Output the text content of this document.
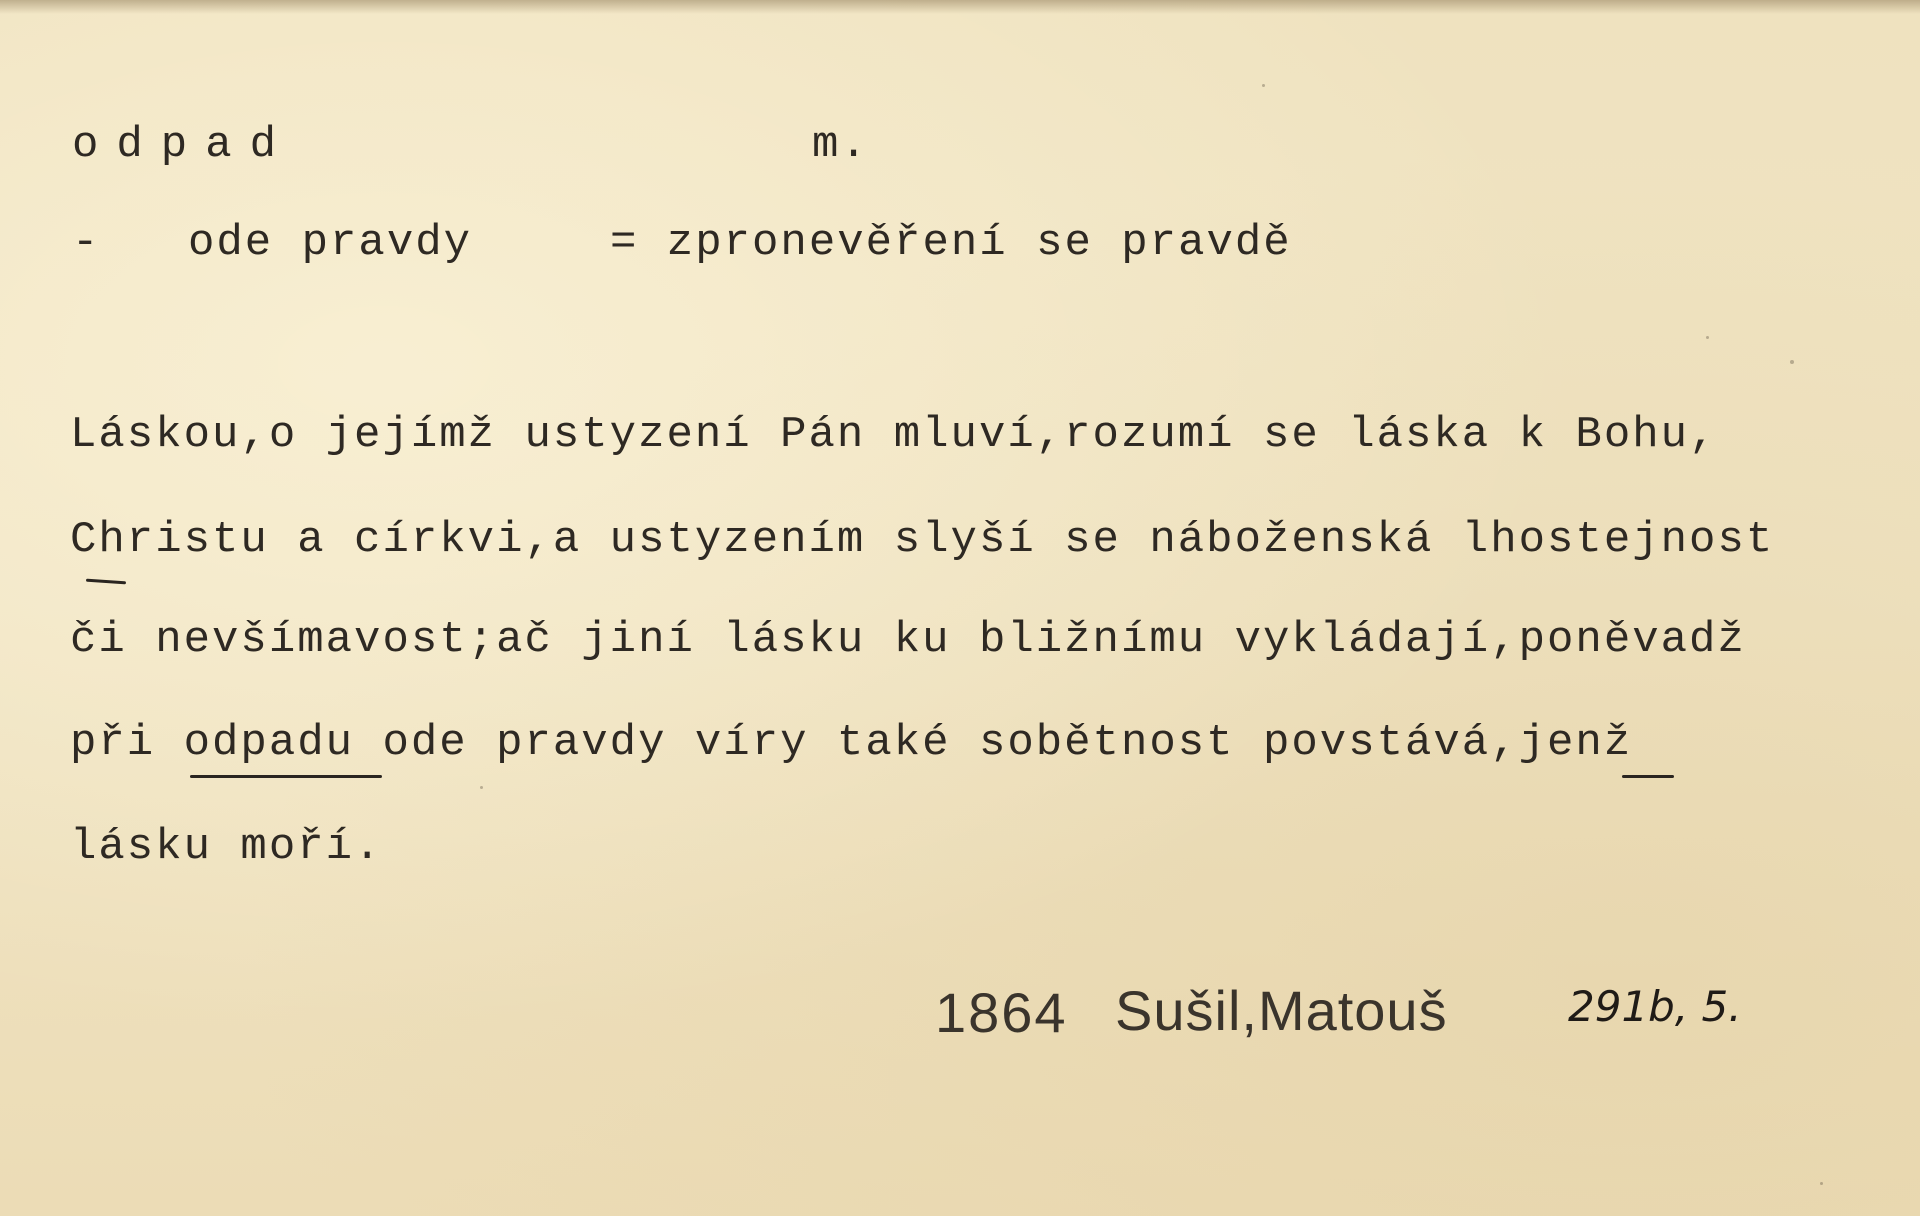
odpad	m.
- ode pravdy	= zpronevěření se pravdě
Láskou,o jejímž ustyzení Pán mluví,rozumí se láska k Bohu,
Christu a církvi,a ustyzením slyší se náboženská lhostejnost
či nevšímavost;ač jiní lásku ku bližnímu vykládají,poněvadž
při odpadu ode pravdy víry také sobětnost povstává,jenž
lásku moří.
1864 Sušil,Matouš	291b, 5.
